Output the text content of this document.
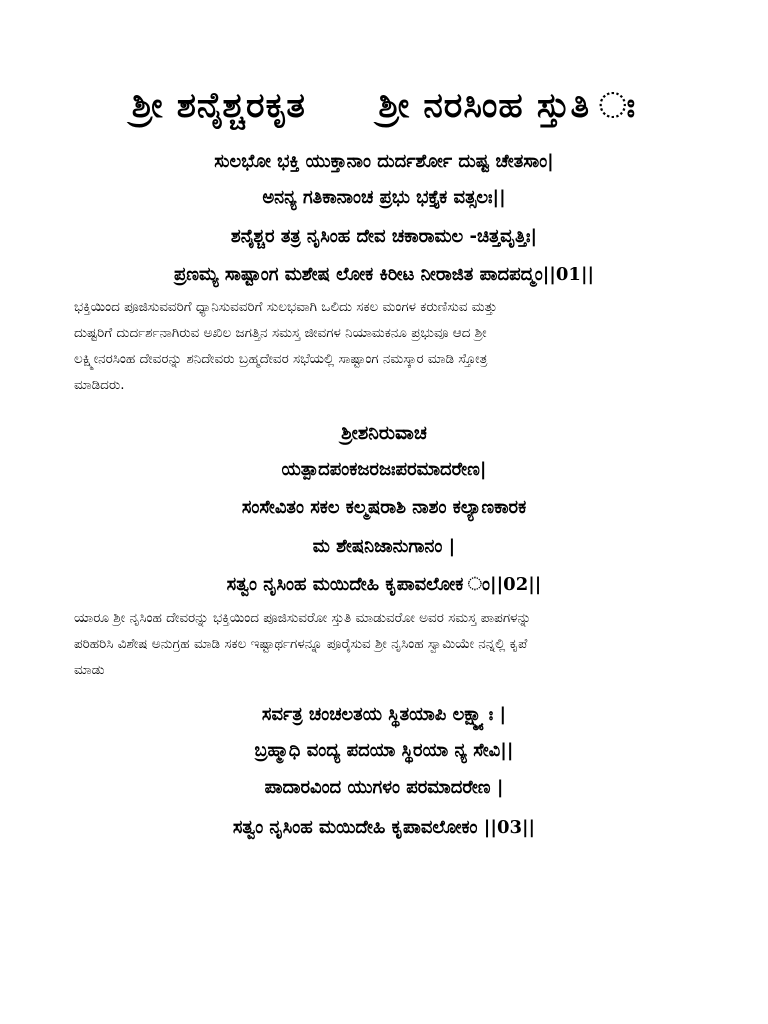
ಶ್ರೀ ಶನೈಶ್ಚರಕೃತ ಶ್ರೀ ನರಸಿಂಹ ಸ್ತುತಿ ಃ
ಸುಲಭೋ ಭಕ್ತಿ ಯುಕ್ತಾನಾಂ ದುರ್ದರ್ಶೋ ದುಷ್ಟ ಚೇತಸಾಂ|
ಅನನ್ಯ ಗತಿಕಾನಾಂಚ ಪ್ರಭು ಭಕ್ತೈಕ ವತ್ಸಲಃ||
ಶನೈಶ್ಚರ ತತ್ರ ನೃಸಿಂಹ ದೇವ ಚಕಾರಾಮಲ -ಚಿತ್ತವೃತ್ತಿಃ|
ಪ್ರಣಮ್ಯ ಸಾಷ್ಟಾಂಗ ಮಶೇಷ ಲೋಕ ಕಿರೀಟ ನೀರಾಜಿತ ಪಾದಪದ್ಮಂ||01||
ಭಕ್ತಿಯಿಂದ ಪೂಜಿಸುವವರಿಗೆ ಧ್ಯಾನಿಸುವವರಿಗೆ ಸುಲಭವಾಗಿ ಒಲಿದು ಸಕಲ ಮಂಗಳ ಕರುಣಿಸುವ ಮತ್ತು
ದುಷ್ಟರಿಗೆ ದುರ್ದರ್ಶನಾಗಿರುವ ಅಖಿಲ ಜಗತ್ತಿನ ಸಮಸ್ತ ಜೀವಗಳ ನಿಯಾಮಕನೂ ಪ್ರಭುವೂ ಆದ ಶ್ರೀ
ಲಕ್ಷ್ಮೀನರಸಿಂಹ ದೇವರನ್ನು ಶನಿದೇವರು ಬ್ರಹ್ಮದೇವರ ಸಭೆಯಲ್ಲಿ ಸಾಷ್ಟಾಂಗ ನಮಸ್ಕಾರ ಮಾಡಿ ಸ್ತೋತ್ರ
ಮಾಡಿದರು.
ಶ್ರೀಶನಿರುವಾಚ
ಯತ್ಪಾದಪಂಕಜರಜಃಪರಮಾದರೇಣ|
ಸಂಸೇವಿತಂ ಸಕಲ ಕಲ್ಮಷರಾಶಿ ನಾಶಂ ಕಲ್ಯಾಣಕಾರಕ
ಮ ಶೇಷನಿಜಾನುಗಾನಂ |
ಸತ್ವಂ ನೃಸಿಂಹ ಮಯಿದೇಹಿ ಕೃಪಾವಲೋಕ ಂ||02||
ಯಾರೂ ಶ್ರೀ ನೃಸಿಂಹ ದೇವರನ್ನು ಭಕ್ತಿಯಿಂದ ಪೂಜಿಸುವರೋ ಸ್ತುತಿ ಮಾಡುವರೋ ಅವರ ಸಮಸ್ತ ಪಾಪಗಳನ್ನು
ಪರಿಹರಿಸಿ ವಿಶೇಷ ಅನುಗ್ರಹ ಮಾಡಿ ಸಕಲ ಇಷ್ಟಾರ್ಥಗಳನ್ನೂ ಪೂರೈಸುವ ಶ್ರೀ ನೃಸಿಂಹ ಸ್ವಾಮಿಯೇ ನನ್ನಲ್ಲಿ ಕೃಪೆ
ಮಾಡು
ಸರ್ವತ್ರ ಚಂಚಲತಯ ಸ್ಥಿತಯಾಪಿ ಲಕ್ಷ್ಮ್ಯಾಃ |
ಬ್ರಹ್ಮಾಧಿ ವಂದ್ಯ ಪದಯಾ ಸ್ಥಿರಯಾ ನ್ಯ ಸೇವಿ||
ಪಾದಾರವಿಂದ ಯುಗಳಂ ಪರಮಾದರೇಣ |
ಸತ್ವಂ ನೃಸಿಂಹ ಮಯಿದೇಹಿ ಕೃಪಾವಲೋಕಂ ||03||
